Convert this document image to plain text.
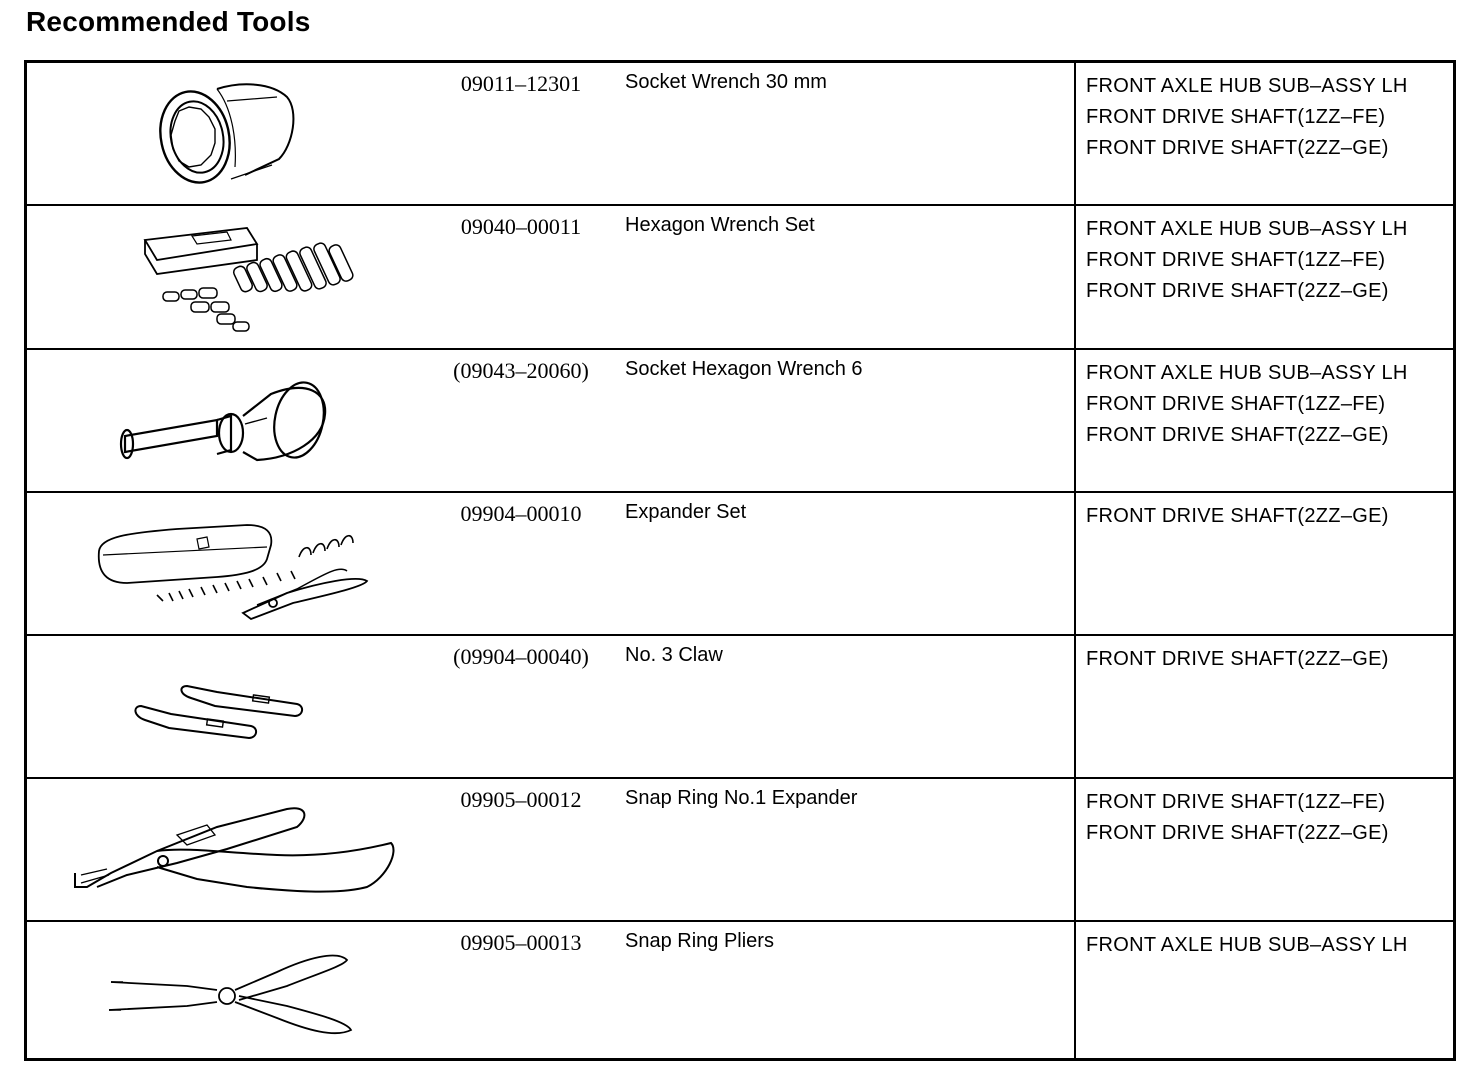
Recommended Tools
09011–12301	Socket Wrench 30 mm	FRONT AXLE HUB SUB–ASSY LH
FRONT DRIVE SHAFT(1ZZ–FE)
FRONT DRIVE SHAFT(2ZZ–GE)
09040–00011	Hexagon Wrench Set	FRONT AXLE HUB SUB–ASSY LH
FRONT DRIVE SHAFT(1ZZ–FE)
FRONT DRIVE SHAFT(2ZZ–GE)
(09043–20060)	Socket Hexagon Wrench 6	FRONT AXLE HUB SUB–ASSY LH
FRONT DRIVE SHAFT(1ZZ–FE)
FRONT DRIVE SHAFT(2ZZ–GE)
09904–00010	Expander Set	FRONT DRIVE SHAFT(2ZZ–GE)
(09904–00040)	No. 3 Claw	FRONT DRIVE SHAFT(2ZZ–GE)
09905–00012	Snap Ring No.1 Expander	FRONT DRIVE SHAFT(1ZZ–FE)
FRONT DRIVE SHAFT(2ZZ–GE)
09905–00013	Snap Ring Pliers	FRONT AXLE HUB SUB–ASSY LH
